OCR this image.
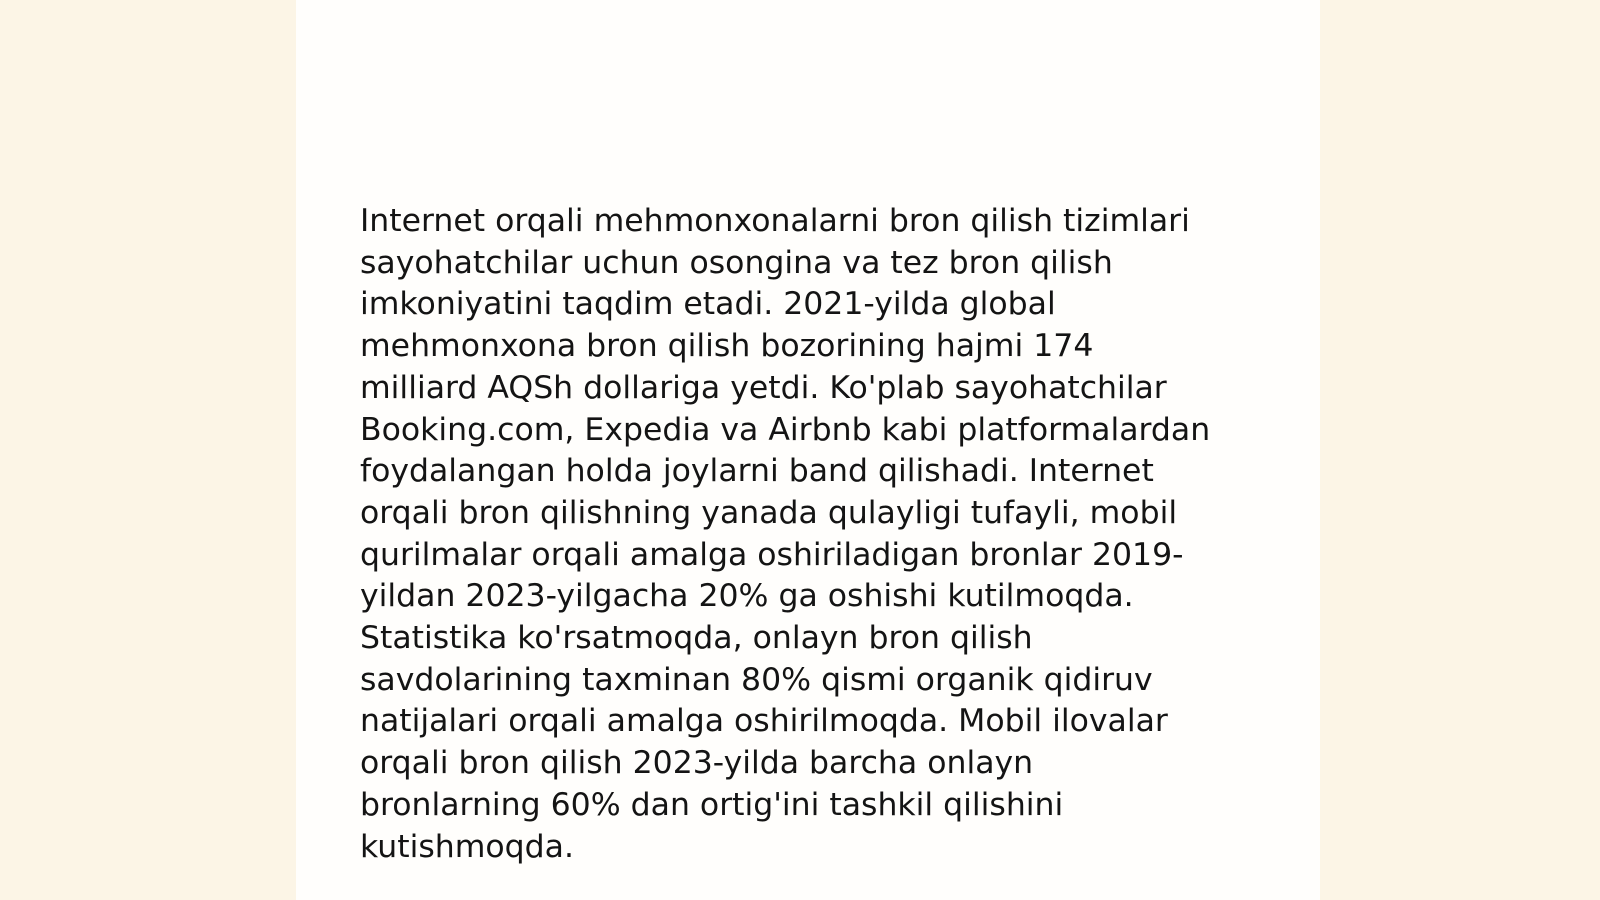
Internet orqali mehmonxonalarni bron qilish tizimlari
sayohatchilar uchun osongina va tez bron qilish
imkoniyatini taqdim etadi. 2021-yilda global
mehmonxona bron qilish bozorining hajmi 174
milliard AQSh dollariga yetdi. Ko'plab sayohatchilar
Booking.com, Expedia va Airbnb kabi platformalardan
foydalangan holda joylarni band qilishadi. Internet
orqali bron qilishning yanada qulayligi tufayli, mobil
qurilmalar orqali amalga oshiriladigan bronlar 2019-
yildan 2023-yilgacha 20% ga oshishi kutilmoqda.
Statistika ko'rsatmoqda, onlayn bron qilish
savdolarining taxminan 80% qismi organik qidiruv
natijalari orqali amalga oshirilmoqda. Mobil ilovalar
orqali bron qilish 2023-yilda barcha onlayn
bronlarning 60% dan ortig'ini tashkil qilishini
kutishmoqda.
